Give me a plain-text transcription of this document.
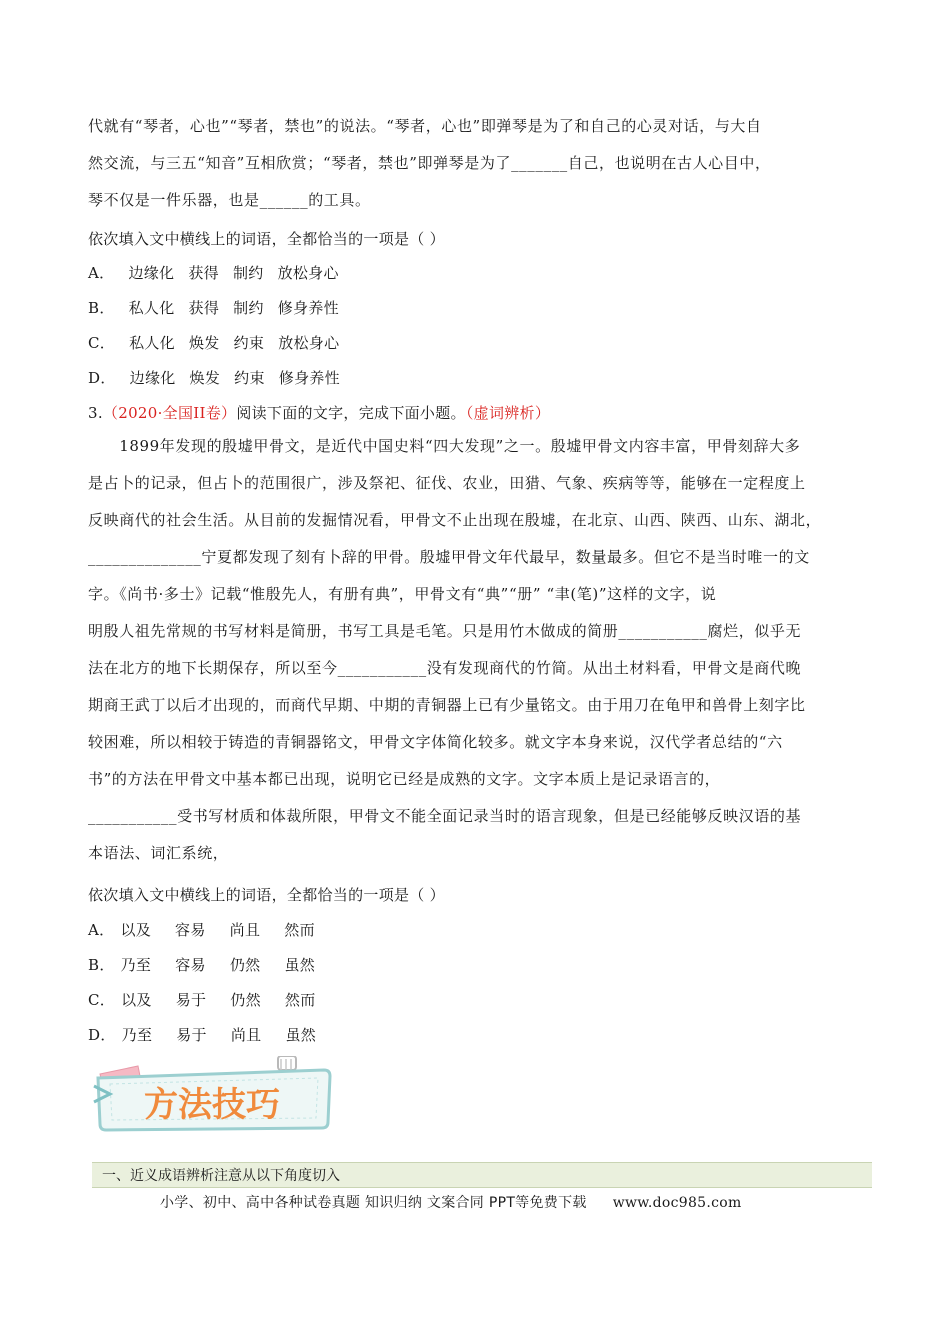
代就有“琴者，心也”“琴者，禁也”的说法。“琴者，心也”即弹琴是为了和自己的心灵对话，与大自
然交流，与三五“知音”互相欣赏；“琴者，禁也”即弹琴是为了_______自己，也说明在古人心目中，
琴不仅是一件乐器，也是______的工具。
依次填入文中横线上的词语，全都恰当的一项是（ ）
A． 边缘化 获得 制约 放松身心
B． 私人化 获得 制约 修身养性
C． 私人化 焕发 约束 放松身心
D． 边缘化 焕发 约束 修身养性
3.（2020·全国II卷）阅读下面的文字，完成下面小题。（虚词辨析）
　　1899年发现的殷墟甲骨文，是近代中国史料“四大发现”之一。殷墟甲骨文内容丰富，甲骨刻辞大多
是占卜的记录，但占卜的范围很广，涉及祭祀、征伐、农业，田猎、气象、疾病等等，能够在一定程度上
反映商代的社会生活。从目前的发掘情况看，甲骨文不止出现在殷墟，在北京、山西、陕西、山东、湖北，
______________宁夏都发现了刻有卜辞的甲骨。殷墟甲骨文年代最早，数量最多。但它不是当时唯一的文
字。《尚书·多士》记载“惟殷先人，有册有典”，甲骨文有“典”“册” “聿(笔)”这样的文字，说
明殷人祖先常规的书写材料是简册，书写工具是毛笔。只是用竹木做成的简册___________腐烂，似乎无
法在北方的地下长期保存，所以至今___________没有发现商代的竹简。从出土材料看，甲骨文是商代晚
期商王武丁以后才出现的，而商代早期、中期的青铜器上已有少量铭文。由于用刀在龟甲和兽骨上刻字比
较困难，所以相较于铸造的青铜器铭文，甲骨文字体简化较多。就文字本身来说，汉代学者总结的“六
书”的方法在甲骨文中基本都已出现，说明它已经是成熟的文字。文字本质上是记录语言的，
___________受书写材质和体裁所限，甲骨文不能全面记录当时的语言现象，但是已经能够反映汉语的基
本语法、词汇系统，
依次填入文中横线上的词语，全都恰当的一项是（ ）
A． 以及 容易 尚且 然而
B． 乃至 容易 仍然 虽然
C． 以及 易于 仍然 然而
D． 乃至 易于 尚且 虽然
方法技巧
一、近义成语辨析注意从以下角度切入
小学、初中、高中各种试卷真题 知识归纳 文案合同 PPT等免费下载 www.doc985.com
